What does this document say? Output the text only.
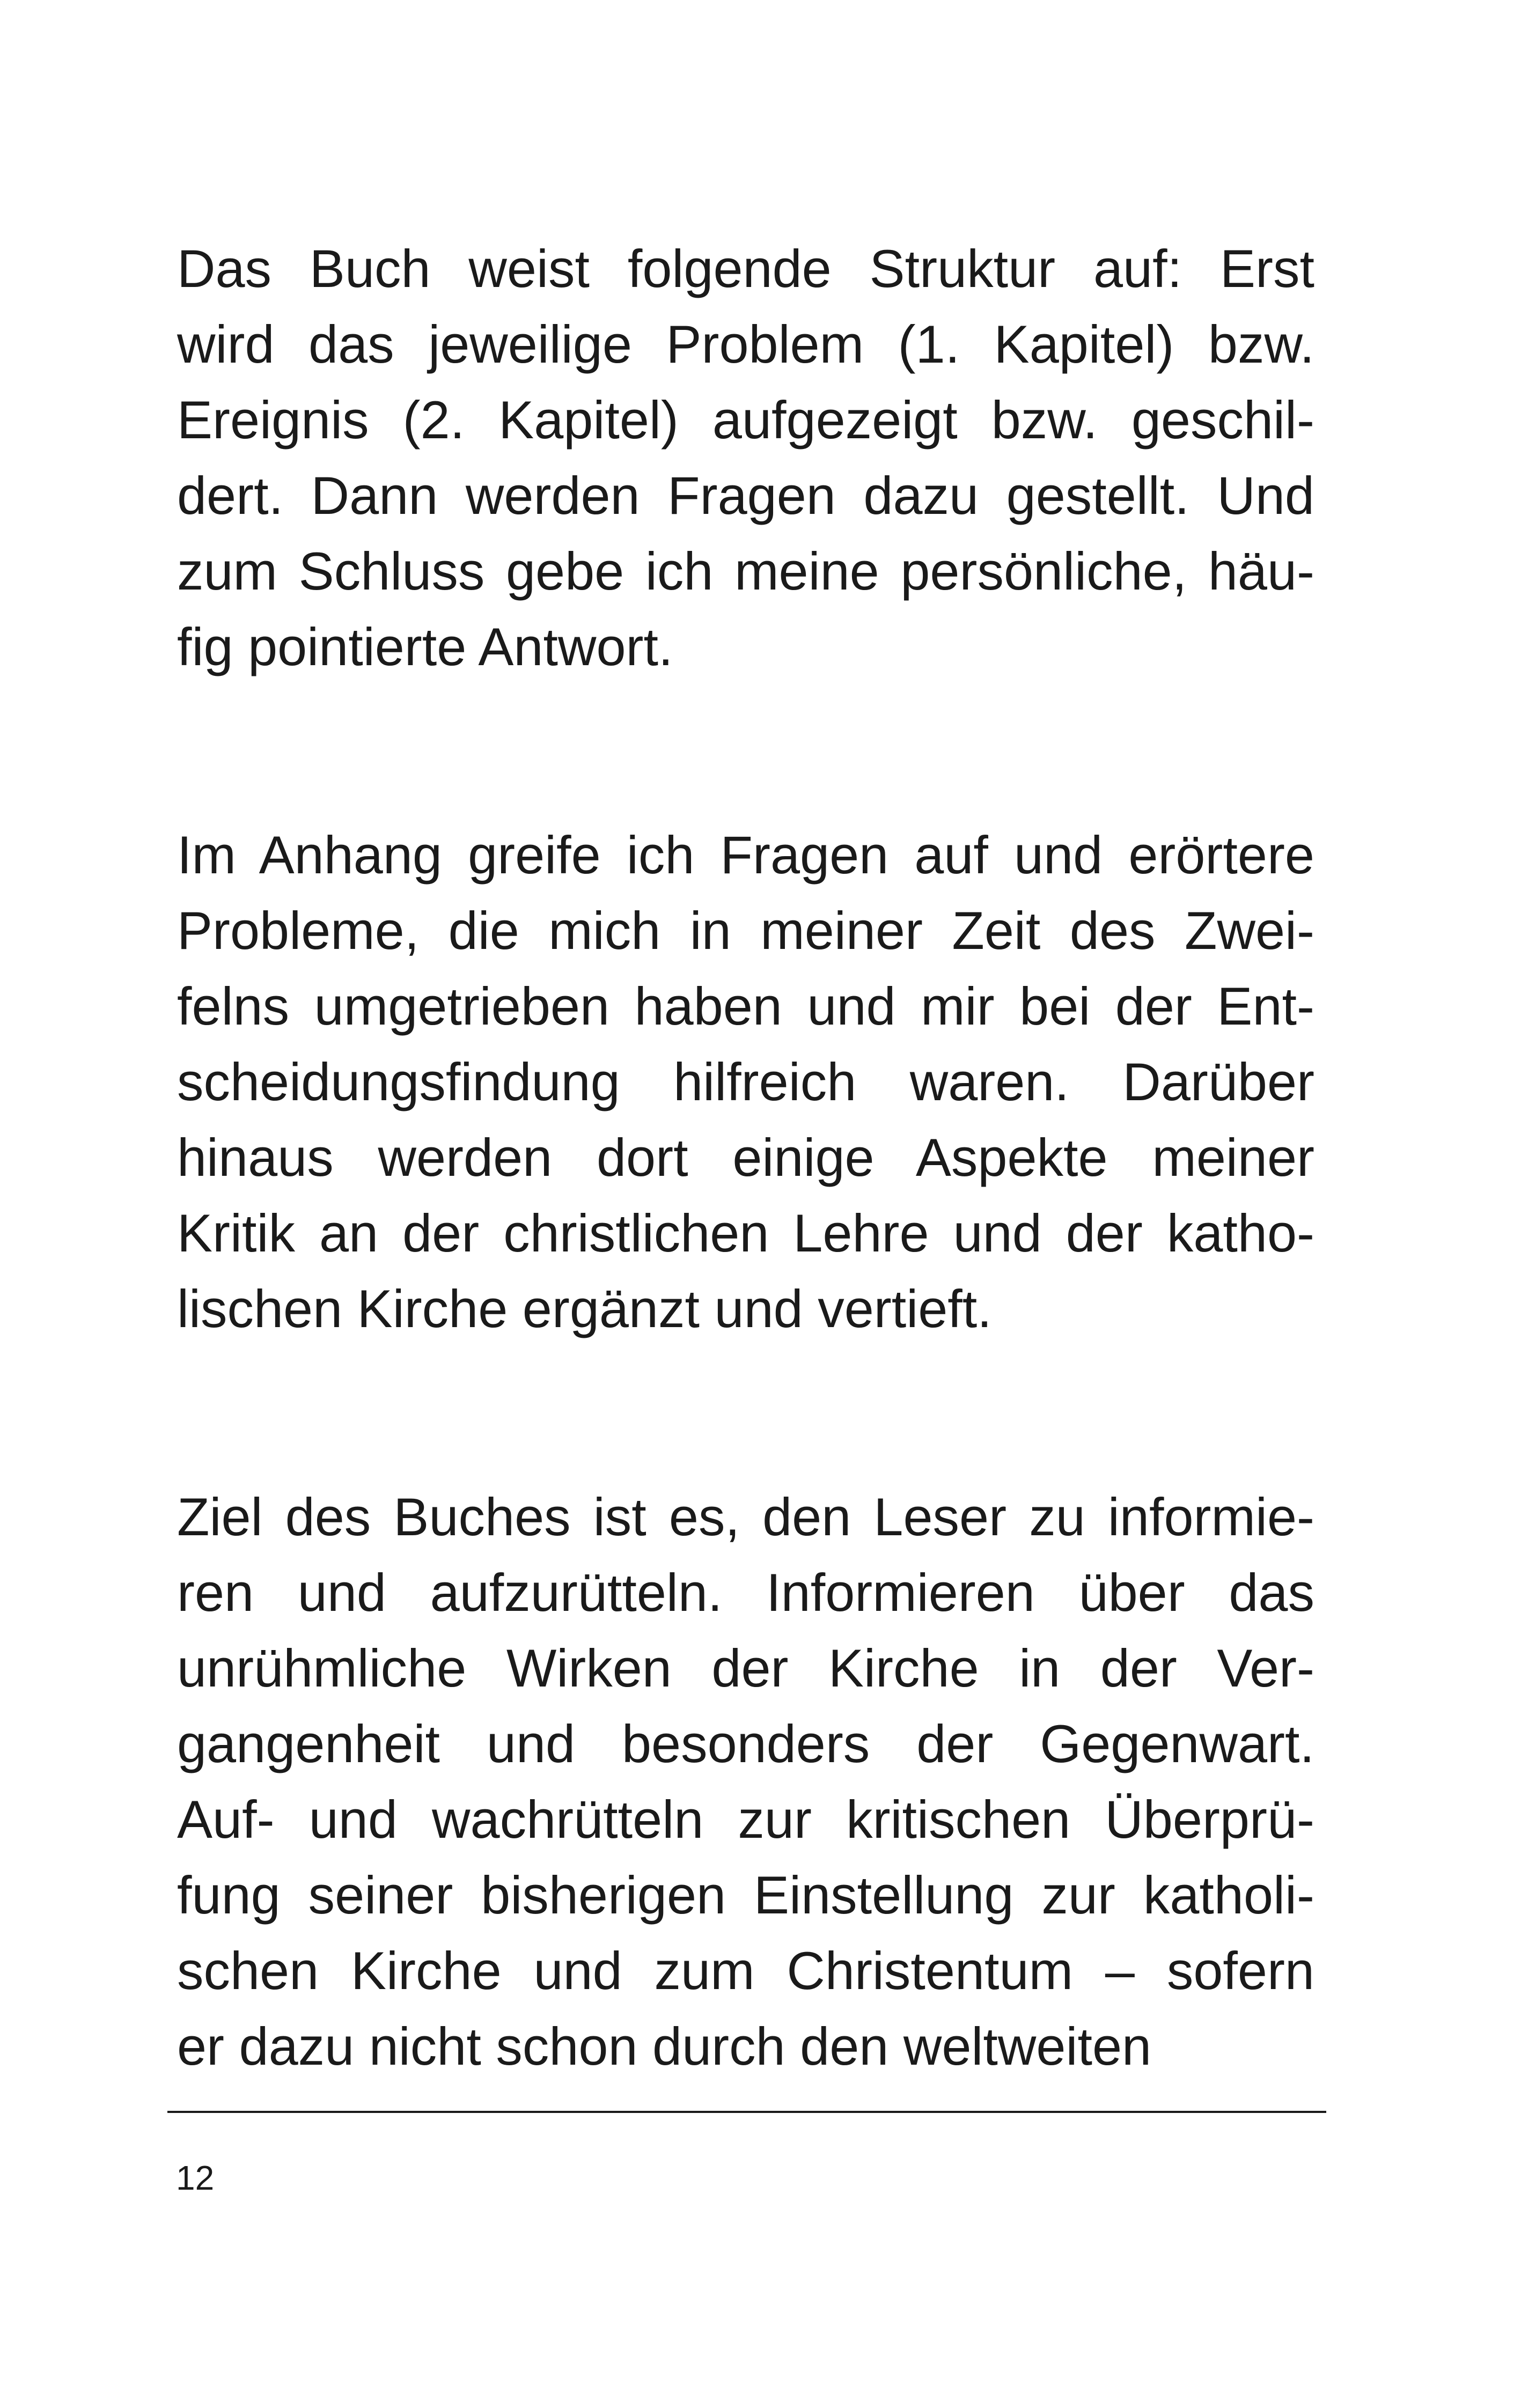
Das Buch weist folgende Struktur auf: Erst
wird das jeweilige Problem (1. Kapitel) bzw.
Ereignis (2. Kapitel) aufgezeigt bzw. geschil-
dert. Dann werden Fragen dazu gestellt. Und
zum Schluss gebe ich meine persönliche, häu-
fig pointierte Antwort.

Im Anhang greife ich Fragen auf und erörtere
Probleme, die mich in meiner Zeit des Zwei-
felns umgetrieben haben und mir bei der Ent-
scheidungsfindung hilfreich waren. Darüber
hinaus werden dort einige Aspekte meiner
Kritik an der christlichen Lehre und der katho-
lischen Kirche ergänzt und vertieft.

Ziel des Buches ist es, den Leser zu informie-
ren und aufzurütteln. Informieren über das
unrühmliche Wirken der Kirche in der Ver-
gangenheit und besonders der Gegenwart.
Auf- und wachrütteln zur kritischen Überprü-
fung seiner bisherigen Einstellung zur katholi-
schen Kirche und zum Christentum – sofern
er dazu nicht schon durch den weltweiten

12
